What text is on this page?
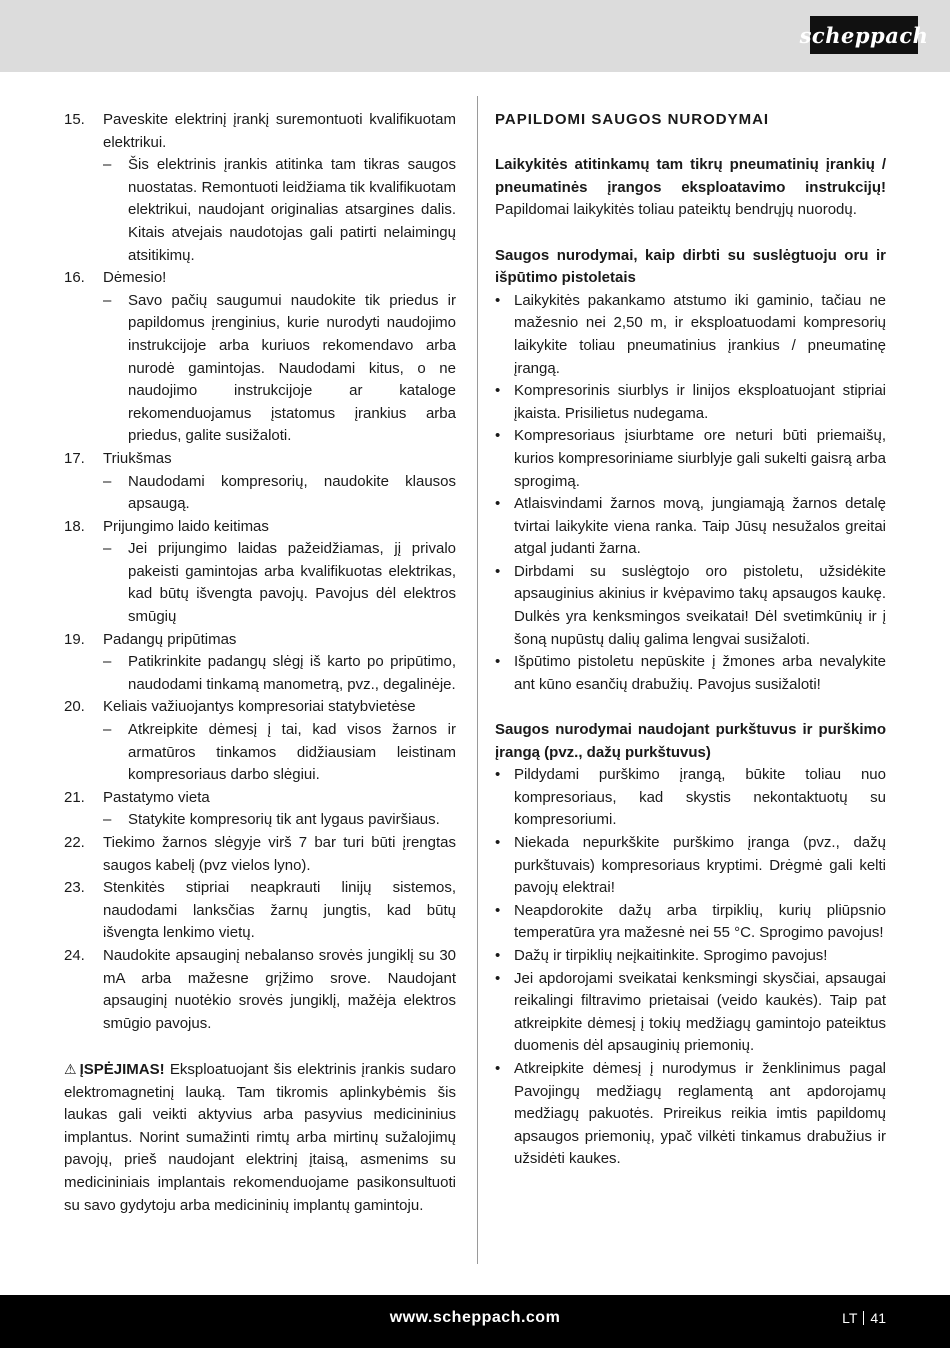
scheppach
15. Paveskite elektrinį įrankį suremontuoti kvalifikuotam elektrikui.

– Šis elektrinis įrankis atitinka tam tikras saugos nuostatas. Remontuoti leidžiama tik kvalifikuotam elektrikui, naudojant originalias atsargines dalis. Kitais atvejais naudotojas gali patirti nelaimingų atsitikimų.

16. Dėmesio!

– Savo pačių saugumui naudokite tik priedus ir papildomus įrenginius, kurie nurodyti naudojimo instrukcijoje arba kuriuos rekomendavo arba nurodė gamintojas. Naudodami kitus, o ne naudojimo instrukcijoje ar kataloge rekomenduojamus įstatomus įrankius arba priedus, galite susižaloti.

17. Triukšmas

– Naudodami kompresorių, naudokite klausos apsaugą.

18. Prijungimo laido keitimas

– Jei prijungimo laidas pažeidžiamas, jį privalo pakeisti gamintojas arba kvalifikuotas elektrikas, kad būtų išvengta pavojų. Pavojus dėl elektros smūgių

19. Padangų pripūtimas

– Patikrinkite padangų slėgį iš karto po pripūtimo, naudodami tinkamą manometrą, pvz., degalinėje.

20. Keliais važiuojantys kompresoriai statybvietėse

– Atkreipkite dėmesį į tai, kad visos žarnos ir armatūros tinkamos didžiausiam leistinam kompresoriaus darbo slėgiui.

21. Pastatymo vieta

– Statykite kompresorių tik ant lygaus paviršiaus.

22. Tiekimo žarnos slėgyje virš 7 bar turi būti įrengtas saugos kabelį (pvz vielos lyno).

23. Stenkitės stipriai neapkrauti linijų sistemos, naudodami lanksčias žarnų jungtis, kad būtų išvengta lenkimo vietų.

24. Naudokite apsauginį nebalanso srovės jungiklį su 30 mA arba mažesne grįžimo srove. Naudojant apsauginį nuotėkio srovės jungiklį, mažėja elektros smūgio pavojus.

⚠ ĮSPĖJIMAS! Eksploatuojant šis elektrinis įrankis sudaro elektromagnetinį lauką. Tam tikromis aplinkybėmis šis laukas gali veikti aktyvius arba pasyvius medicininius implantus. Norint sumažinti rimtų arba mirtinų sužalojimų pavojų, prieš naudojant elektrinį įtaisą, asmenims su medicininiais implantais rekomenduojame pasikonsultuoti su savo gydytoju arba medicininių implantų gamintoju.

PAPILDOMI SAUGOS NURODYMAI

Laikykitės atitinkamų tam tikrų pneumatinių įrankių / pneumatinės įrangos eksploatavimo instrukcijų! Papildomai laikykitės toliau pateiktų bendrųjų nuorodų.

Saugos nurodymai, kaip dirbti su suslėgtuoju oru ir išpūtimo pistoletais

• Laikykitės pakankamo atstumo iki gaminio, tačiau ne mažesnio nei 2,50 m, ir eksploatuodami kompresorių laikykite toliau pneumatinius įrankius / pneumatinę įrangą.
• Kompresorinis siurblys ir linijos eksploatuojant stipriai įkaista. Prisilietus nudegama.
• Kompresoriaus įsiurbtame ore neturi būti priemaišų, kurios kompresoriniame siurblyje gali sukelti gaisrą arba sprogimą.
• Atlaisvindami žarnos movą, jungiamąją žarnos detalę tvirtai laikykite viena ranka. Taip Jūsų nesužalos greitai atgal judanti žarna.
• Dirbdami su suslėgtojo oro pistoletu, užsidėkite apsauginius akinius ir kvėpavimo takų apsaugos kaukę. Dulkės yra kenksmingos sveikatai! Dėl svetimkūnių ir į šoną nupūstų dalių galima lengvai susižaloti.
• Išpūtimo pistoletu nepūskite į žmones arba nevalykite ant kūno esančių drabužių. Pavojus susižaloti!

Saugos nurodymai naudojant purkštuvus ir purškimo įrangą (pvz., dažų purkštuvus)

• Pildydami purškimo įrangą, būkite toliau nuo kompresoriaus, kad skystis nekontaktuotų su kompresoriumi.
• Niekada nepurkškite purškimo įranga (pvz., dažų purkštuvais) kompresoriaus kryptimi. Drėgmė gali kelti pavojų elektrai!
• Neapdorokite dažų arba tirpiklių, kurių pliūpsnio temperatūra yra mažesnė nei 55 °C. Sprogimo pavojus!
• Dažų ir tirpiklių neįkaitinkite. Sprogimo pavojus!
• Jei apdorojami sveikatai kenksmingi skysčiai, apsaugai reikalingi filtravimo prietaisai (veido kaukės). Taip pat atkreipkite dėmesį į tokių medžiagų gamintojo pateiktus duomenis dėl apsauginių priemonių.
• Atkreipkite dėmesį į nurodymus ir ženklinimus pagal Pavojingų medžiagų reglamentą ant apdorojamų medžiagų pakuotės. Prireikus reikia imtis papildomų apsaugos priemonių, ypač vilkėti tinkamus drabužius ir užsidėti kaukes.
www.scheppach.com	LT 41
